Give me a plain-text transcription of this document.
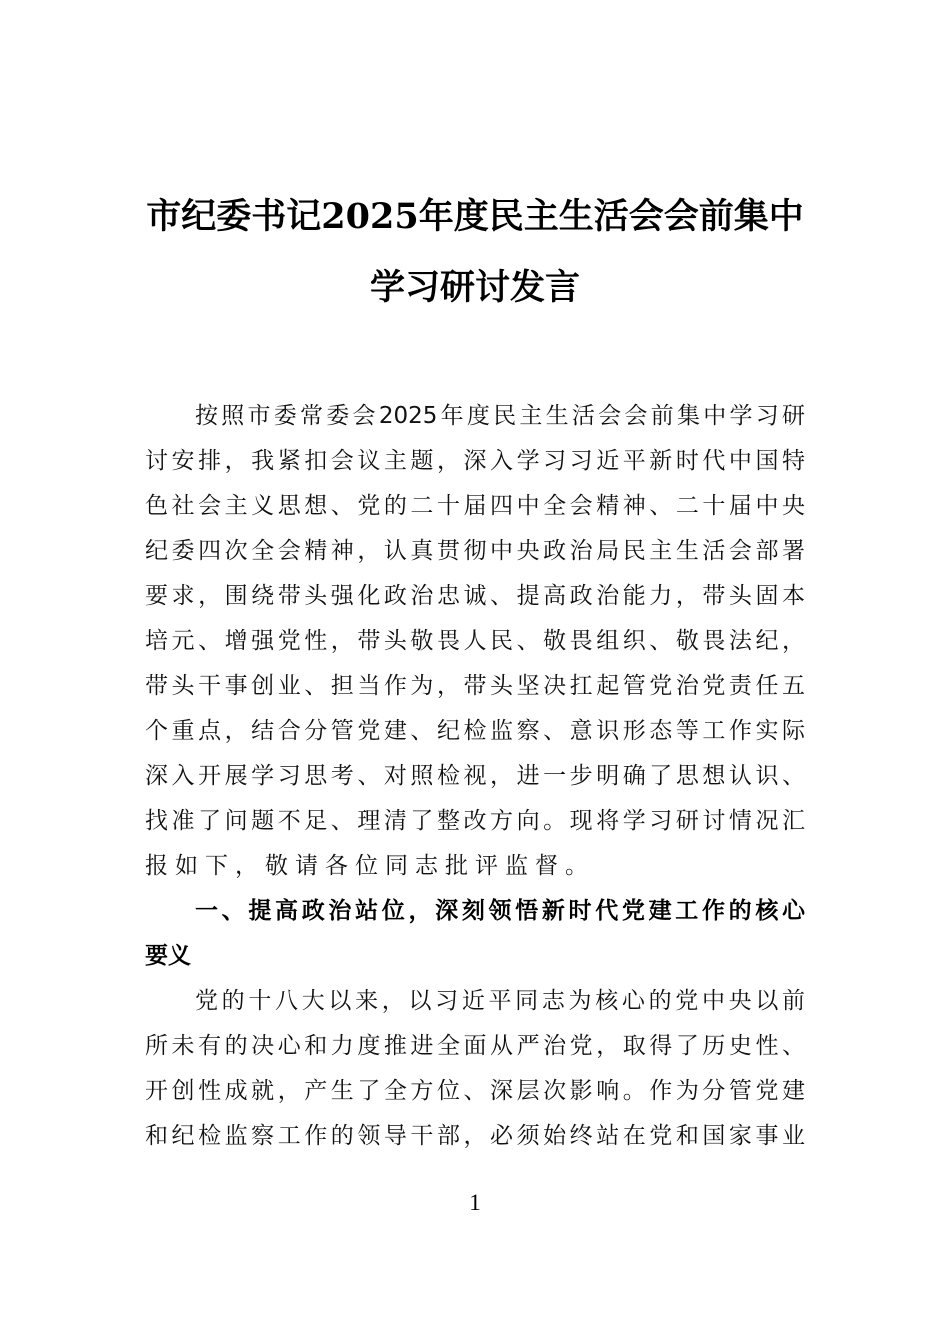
市纪委书记2025年度民主生活会会前集中
学习研讨发言
按照市委常委会2025年度民主生活会会前集中学习研
讨安排，我紧扣会议主题，深入学习习近平新时代中国特
色社会主义思想、党的二十届四中全会精神、二十届中央
纪委四次全会精神，认真贯彻中央政治局民主生活会部署
要求，围绕带头强化政治忠诚、提高政治能力，带头固本
培元、增强党性，带头敬畏人民、敬畏组织、敬畏法纪，
带头干事创业、担当作为，带头坚决扛起管党治党责任五
个重点，结合分管党建、纪检监察、意识形态等工作实际
深入开展学习思考、对照检视，进一步明确了思想认识、
找准了问题不足、理清了整改方向。现将学习研讨情况汇
报如下，敬请各位同志批评监督。
一、提高政治站位，深刻领悟新时代党建工作的核心
要义
党的十八大以来，以习近平同志为核心的党中央以前
所未有的决心和力度推进全面从严治党，取得了历史性、
开创性成就，产生了全方位、深层次影响。作为分管党建
和纪检监察工作的领导干部，必须始终站在党和国家事业
1
